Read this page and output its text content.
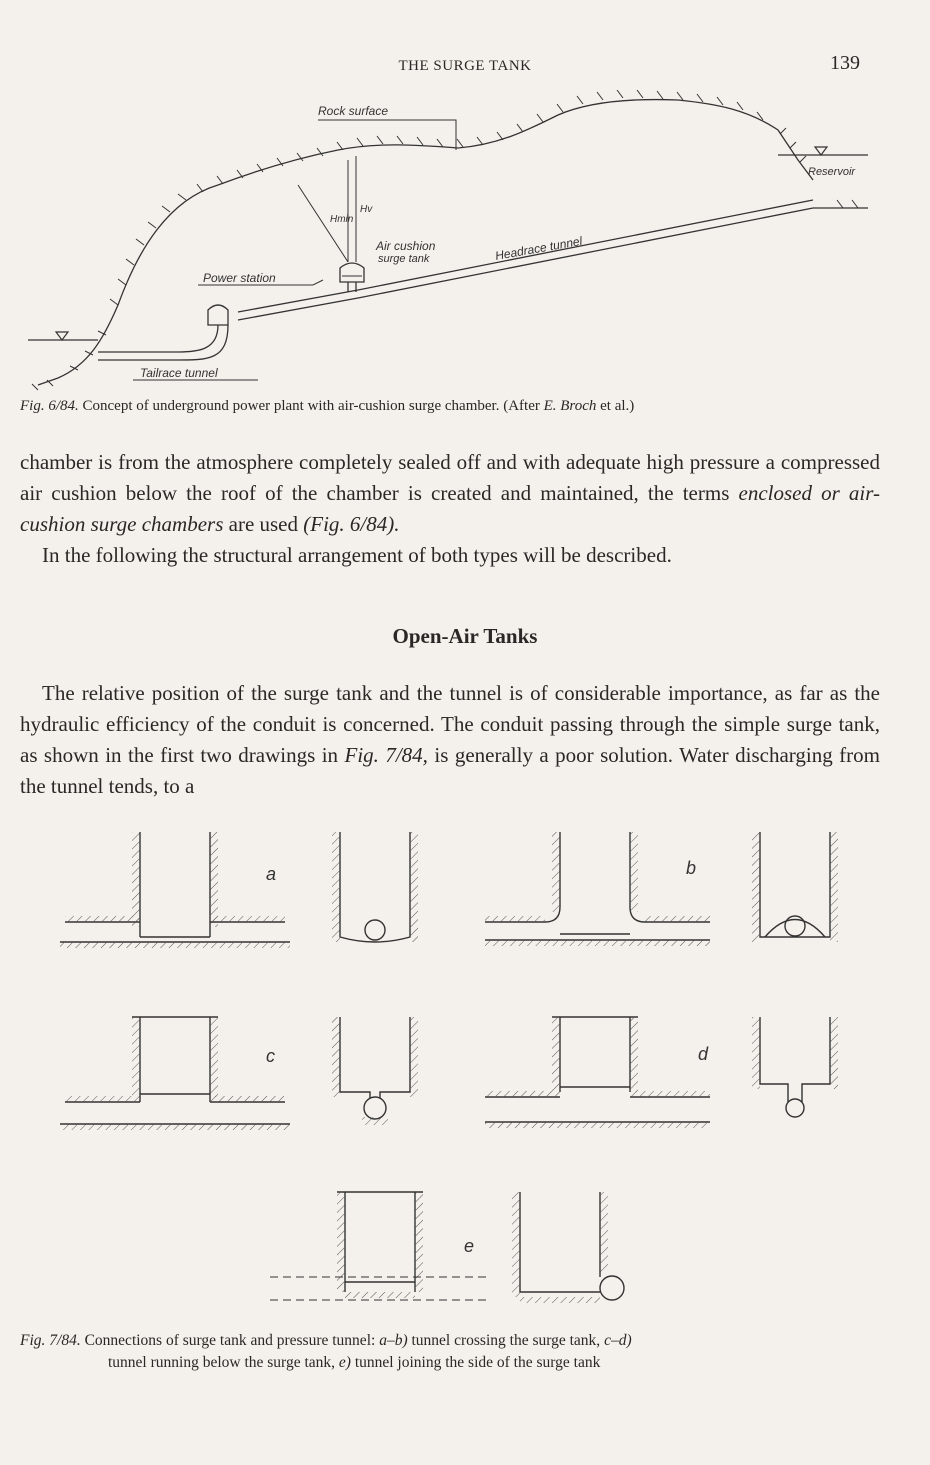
THE SURGE TANK	139
Rock surface
Reservoir
Hmin
Hv
Air cushion
surge tank	Headrace tunnel
Power station
Tailrace tunnel
Fig. 6/84. Concept of underground power plant with air-cushion surge chamber. (After E. Broch et al.)
chamber is from the atmosphere completely sealed off and with adequate high pressure a compressed air cushion below the roof of the chamber is created and maintained, the terms enclosed or air-cushion surge chambers are used (Fig. 6/84).
In the following the structural arrangement of both types will be described.
Open-Air Tanks
The relative position of the surge tank and the tunnel is of considerable importance, as far as the hydraulic efficiency of the conduit is concerned. The conduit passing through the simple surge tank, as shown in the first two drawings in Fig. 7/84, is generally a poor solution. Water discharging from the tunnel tends, to a
a	b
c	d
e
Fig. 7/84. Connections of surge tank and pressure tunnel: a–b) tunnel crossing the surge tank, c–d)
tunnel running below the surge tank, e) tunnel joining the side of the surge tank
